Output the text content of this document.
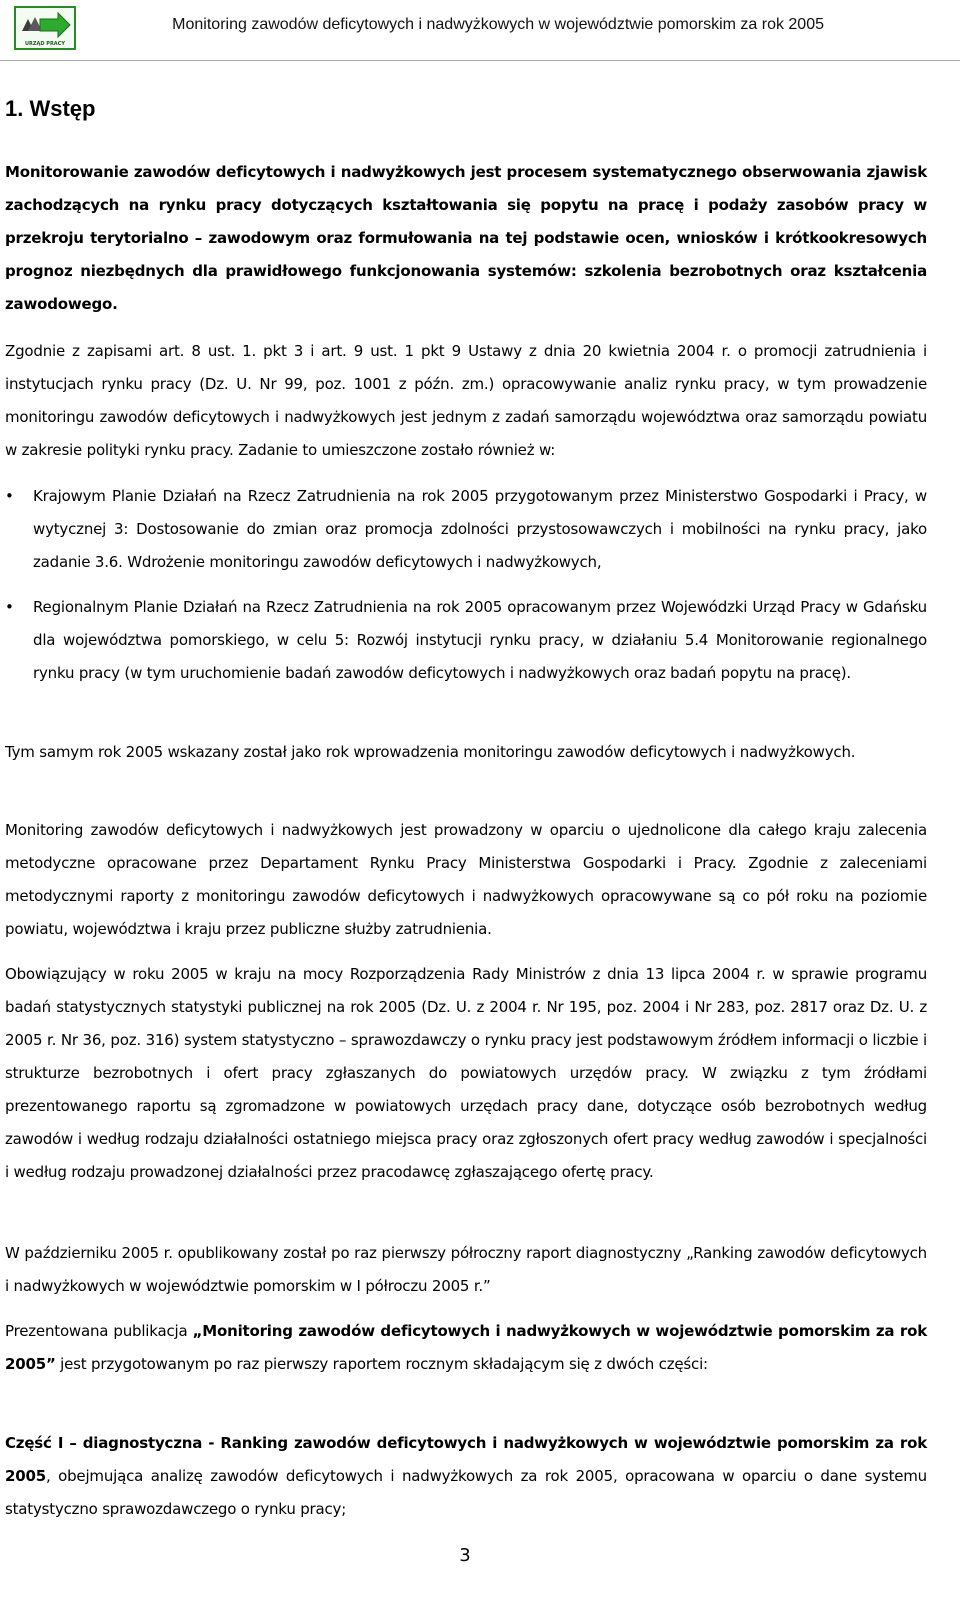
URZĄD PRACY
Monitoring zawodów deficytowych i nadwyżkowych w województwie pomorskim za rok 2005
1. Wstęp

Monitorowanie zawodów deficytowych i nadwyżkowych jest procesem systematycznego obserwowania zjawisk zachodzących na rynku pracy dotyczących kształtowania się popytu na pracę i podaży zasobów pracy w przekroju terytorialno – zawodowym oraz formułowania na tej podstawie ocen, wniosków i krótkookresowych prognoz niezbędnych dla prawidłowego funkcjonowania systemów: szkolenia bezrobotnych oraz kształcenia zawodowego.

Zgodnie z zapisami art. 8 ust. 1. pkt 3 i art. 9 ust. 1 pkt 9 Ustawy z dnia 20 kwietnia 2004 r. o promocji zatrudnienia i instytucjach rynku pracy (Dz. U. Nr 99, poz. 1001 z późn. zm.) opracowywanie analiz rynku pracy, w tym prowadzenie monitoringu zawodów deficytowych i nadwyżkowych jest jednym z zadań samorządu województwa oraz samorządu powiatu w zakresie polityki rynku pracy. Zadanie to umieszczone zostało również w:

• Krajowym Planie Działań na Rzecz Zatrudnienia na rok 2005 przygotowanym przez Ministerstwo Gospodarki i Pracy, w wytycznej 3: Dostosowanie do zmian oraz promocja zdolności przystosowawczych i mobilności na rynku pracy, jako zadanie 3.6. Wdrożenie monitoringu zawodów deficytowych i nadwyżkowych,

• Regionalnym Planie Działań na Rzecz Zatrudnienia na rok 2005 opracowanym przez Wojewódzki Urząd Pracy w Gdańsku dla województwa pomorskiego, w celu 5: Rozwój instytucji rynku pracy, w działaniu 5.4 Monitorowanie regionalnego rynku pracy (w tym uruchomienie badań zawodów deficytowych i nadwyżkowych oraz badań popytu na pracę).

Tym samym rok 2005 wskazany został jako rok wprowadzenia monitoringu zawodów deficytowych i nadwyżkowych.

Monitoring zawodów deficytowych i nadwyżkowych jest prowadzony w oparciu o ujednolicone dla całego kraju zalecenia metodyczne opracowane przez Departament Rynku Pracy Ministerstwa Gospodarki i Pracy. Zgodnie z zaleceniami metodycznymi raporty z monitoringu zawodów deficytowych i nadwyżkowych opracowywane są co pół roku na poziomie powiatu, województwa i kraju przez publiczne służby zatrudnienia.

Obowiązujący w roku 2005 w kraju na mocy Rozporządzenia Rady Ministrów z dnia 13 lipca 2004 r. w sprawie programu badań statystycznych statystyki publicznej na rok 2005 (Dz. U. z 2004 r. Nr 195, poz. 2004 i Nr 283, poz. 2817 oraz Dz. U. z 2005 r. Nr 36, poz. 316) system statystyczno – sprawozdawczy o rynku pracy jest podstawowym źródłem informacji o liczbie i strukturze bezrobotnych i ofert pracy zgłaszanych do powiatowych urzędów pracy. W związku z tym źródłami prezentowanego raportu są zgromadzone w powiatowych urzędach pracy dane, dotyczące osób bezrobotnych według zawodów i według rodzaju działalności ostatniego miejsca pracy oraz zgłoszonych ofert pracy według zawodów i specjalności i według rodzaju prowadzonej działalności przez pracodawcę zgłaszającego ofertę pracy.

W październiku 2005 r. opublikowany został po raz pierwszy półroczny raport diagnostyczny „Ranking zawodów deficytowych i nadwyżkowych w województwie pomorskim w I półroczu 2005 r.”

Prezentowana publikacja „Monitoring zawodów deficytowych i nadwyżkowych w województwie pomorskim za rok 2005” jest przygotowanym po raz pierwszy raportem rocznym składającym się z dwóch części:

Część I – diagnostyczna - Ranking zawodów deficytowych i nadwyżkowych w województwie pomorskim za rok 2005, obejmująca analizę zawodów deficytowych i nadwyżkowych za rok 2005, opracowana w oparciu o dane systemu statystyczno sprawozdawczego o rynku pracy;

3
